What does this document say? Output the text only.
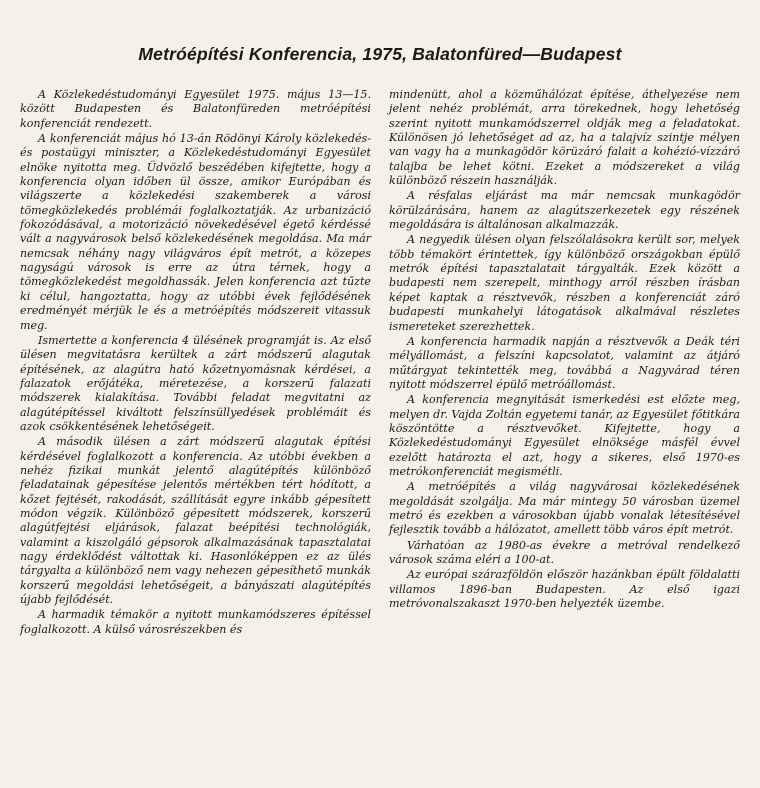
Metróépítési Konferencia, 1975, Balatonfüred—Budapest

A Közlekedéstudományi Egyesület 1975. május 13—15. között Budapesten és Balatonfüreden metróépítési konferenciát rendezett.

A konferenciát május hó 13-án Rödönyi Károly közlekedés- és postaügyi miniszter, a Közlekedéstudományi Egyesület elnöke nyitotta meg. Üdvözlő beszédében kifejtette, hogy a konferencia olyan időben ül össze, amikor Európában és világszerte a közlekedési szakemberek a városi tömegközlekedés problémái foglalkoztatják. Az urbanizáció fokozódásával, a motorizáció növekedésével égető kérdéssé vált a nagyvárosok belső közlekedésének megoldása. Ma már nemcsak néhány nagy világváros épít metrót, a közepes nagyságú városok is erre az útra térnek, hogy a tömegközlekedést megoldhassák. Jelen konferencia azt tűzte ki célul, hangoztatta, hogy az utóbbi évek fejlődésének eredményét mérjük le és a metróépítés módszereit vitassuk meg.

Ismertette a konferencia 4 ülésének programját is. Az első ülésen megvitatásra kerültek a zárt módszerű alagutak építésének, az alagútra ható kőzetnyomásnak kérdései, a falazatok erőjátéka, méretezése, a korszerű falazati módszerek kialakítása. További feladat megvitatni az alagútépítéssel kiváltott felszínsüllyedések problémáit és azok csökkentésének lehetőségeit.

A második ülésen a zárt módszerű alagutak építési kérdésével foglalkozott a konferencia. Az utóbbi években a nehéz fizikai munkát jelentő alagútépítés különböző feladatainak gépesítése jelentős mértékben tért hódított, a kőzet fejtését, rakodását, szállítását egyre inkább gépesített módon végzik. Különböző gépesített módszerek, korszerű alagútfejtési eljárások, falazat beépítési technológiák, valamint a kiszolgáló gépsorok alkalmazásának tapasztalatai nagy érdeklődést váltottak ki. Hasonlóképpen ez az ülés tárgyalta a különböző nem vagy nehezen gépesíthető munkák korszerű megoldási lehetőségeit, a bányászati alagútépítés újabb fejlődését.

A harmadik témakör a nyitott munkamódszeres építéssel foglalkozott. A külső városrészekben és

mindenütt, ahol a közműhálózat építése, áthelyezése nem jelent nehéz problémát, arra törekednek, hogy lehetőség szerint nyitott munkamódszerrel oldják meg a feladatokat. Különösen jó lehetőséget ad az, ha a talajvíz szintje mélyen van vagy ha a munkagödör körüzáró falait a kohézió-vízzáró talajba be lehet kötni. Ezeket a módszereket a világ különböző részein használják.

A résfalas eljárást ma már nemcsak munkagödör körülzárására, hanem az alagútszerkezetek egy részének megoldására is általánosan alkalmazzák.

A negyedik ülésen olyan felszólalásokra került sor, melyek több témakört érintettek, így különböző országokban épülő metrók építési tapasztalatait tárgyalták. Ezek között a budapesti nem szerepelt, minthogy arról részben írásban képet kaptak a résztvevők, részben a konferenciát záró budapesti munkahelyi látogatások alkalmával részletes ismereteket szerezhettek.

A konferencia harmadik napján a résztvevők a Deák téri mélyállomást, a felszíni kapcsolatot, valamint az átjáró műtárgyat tekintették meg, továbbá a Nagyvárad téren nyitott módszerrel épülő metróállomást.

A konferencia megnyitását ismerkedési est előzte meg, melyen dr. Vajda Zoltán egyetemi tanár, az Egyesület főtitkára köszöntötte a résztvevőket. Kifejtette, hogy a Közlekedéstudományi Egyesület elnöksége másfél évvel ezelőtt határozta el azt, hogy a sikeres, első 1970-es metrókonferenciát megismétli.

A metróépítés a világ nagyvárosai közlekedésének megoldását szolgálja. Ma már mintegy 50 városban üzemel metró és ezekben a városokban újabb vonalak létesítésével fejlesztik tovább a hálózatot, amellett több város épít metrót.

Várhatóan az 1980-as évekre a metróval rendelkező városok száma eléri a 100-at.

Az európai szárazföldön először hazánkban épült földalatti villamos 1896-ban Budapesten. Az első igazi metróvonalszakaszt 1970-ben helyezték üzembe.
